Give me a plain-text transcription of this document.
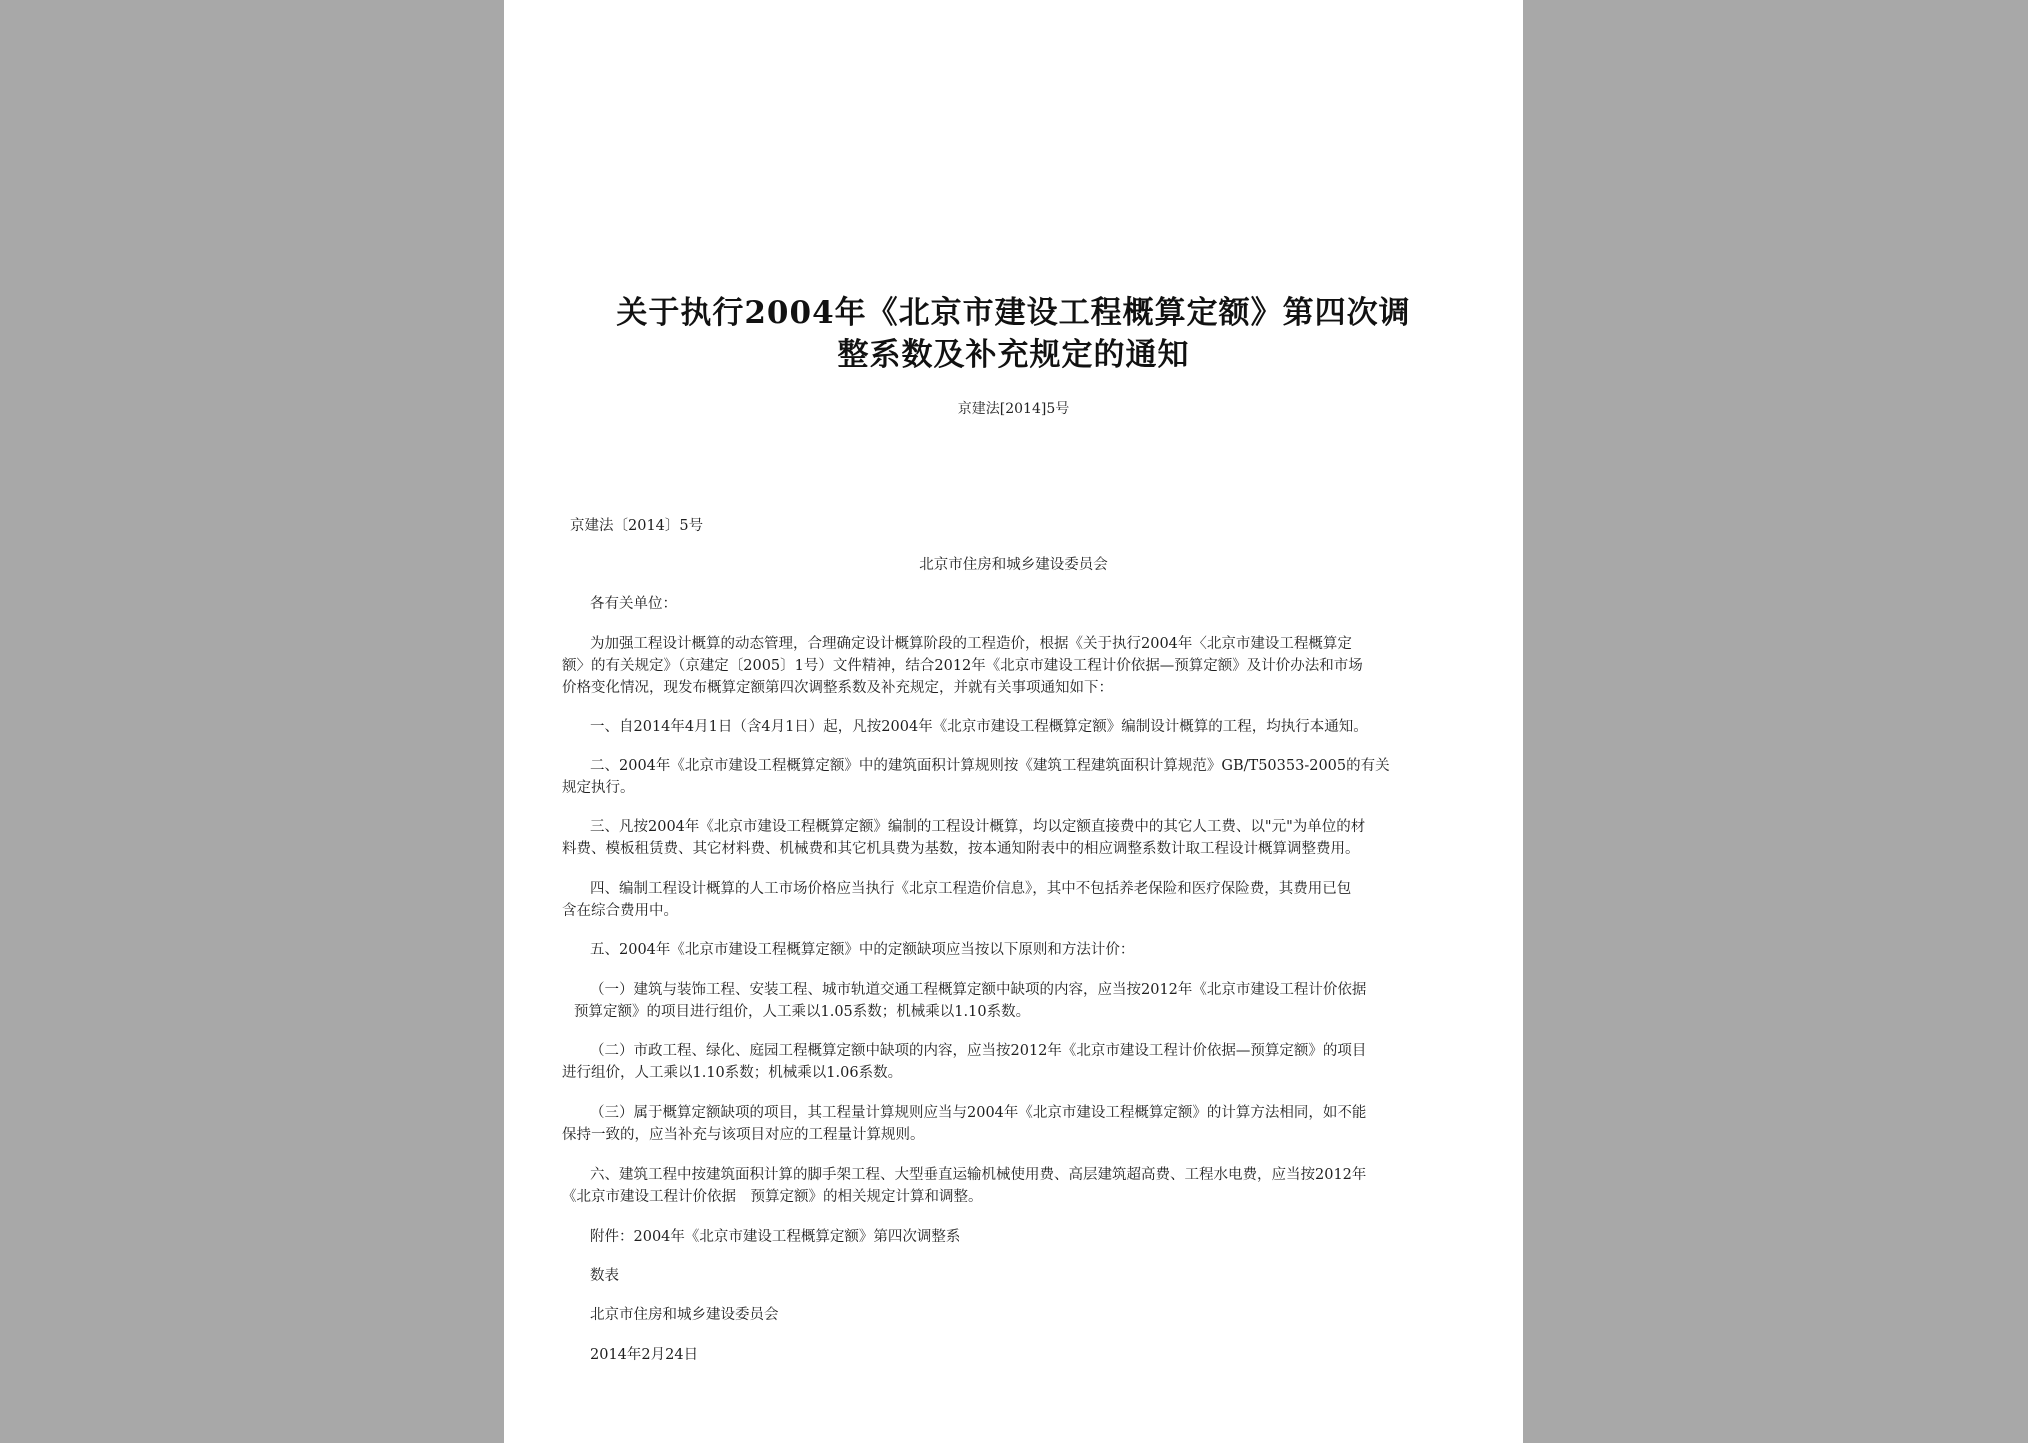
关于执行2004年《北京市建设工程概算定额》第四次调
整系数及补充规定的通知
京建法[2014]5号
京建法〔2014〕5号
北京市住房和城乡建设委员会
各有关单位：
为加强工程设计概算的动态管理，合理确定设计概算阶段的工程造价，根据《关于执行2004年〈北京市建设工程概算定
额〉的有关规定》（京建定〔2005〕1号）文件精神，结合2012年《北京市建设工程计价依据—预算定额》及计价办法和市场
价格变化情况，现发布概算定额第四次调整系数及补充规定，并就有关事项通知如下：
一、自2014年4月1日（含4月1日）起，凡按2004年《北京市建设工程概算定额》编制设计概算的工程，均执行本通知。
二、2004年《北京市建设工程概算定额》中的建筑面积计算规则按《建筑工程建筑面积计算规范》GB/T50353-2005的有关
规定执行。
三、凡按2004年《北京市建设工程概算定额》编制的工程设计概算，均以定额直接费中的其它人工费、以"元"为单位的材
料费、模板租赁费、其它材料费、机械费和其它机具费为基数，按本通知附表中的相应调整系数计取工程设计概算调整费用。
四、编制工程设计概算的人工市场价格应当执行《北京工程造价信息》，其中不包括养老保险和医疗保险费，其费用已包
含在综合费用中。
五、2004年《北京市建设工程概算定额》中的定额缺项应当按以下原则和方法计价：
（一）建筑与装饰工程、安装工程、城市轨道交通工程概算定额中缺项的内容，应当按2012年《北京市建设工程计价依据
预算定额》的项目进行组价，人工乘以1.05系数；机械乘以1.10系数。
（二）市政工程、绿化、庭园工程概算定额中缺项的内容，应当按2012年《北京市建设工程计价依据—预算定额》的项目
进行组价，人工乘以1.10系数；机械乘以1.06系数。
（三）属于概算定额缺项的项目，其工程量计算规则应当与2004年《北京市建设工程概算定额》的计算方法相同，如不能
保持一致的，应当补充与该项目对应的工程量计算规则。
六、建筑工程中按建筑面积计算的脚手架工程、大型垂直运输机械使用费、高层建筑超高费、工程水电费，应当按2012年
《北京市建设工程计价依据　预算定额》的相关规定计算和调整。
附件：2004年《北京市建设工程概算定额》第四次调整系
数表
北京市住房和城乡建设委员会
2014年2月24日
